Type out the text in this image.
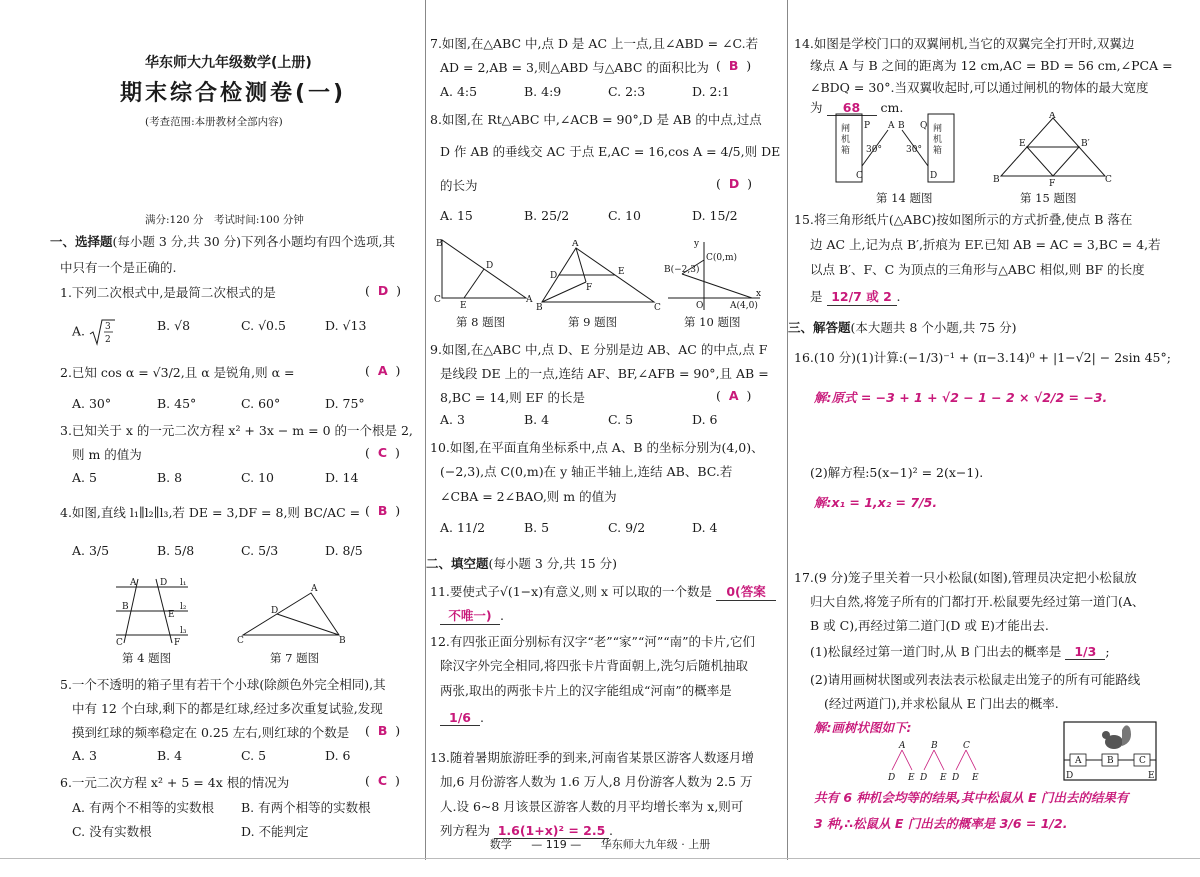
华东师大九年级数学(上册)
期末综合检测卷(一)
(考查范围:本册教材全部内容)
满分:120 分　考试时间:100 分钟
一、选择题(每小题 3 分,共 30 分)下列各小题均有四个选项,其
中只有一个是正确的.
1.下列二次根式中,是最简二次根式的是	(  D  )
A. 3
2
B. √8	C. √0.5	D. √13
2.已知 cos α = √3/2,且 α 是锐角,则 α =	(  A  )
A. 30°	B. 45°	C. 60°	D. 75°
3.已知关于 x 的一元二次方程 x² + 3x − m = 0 的一个根是 2,
则 m 的值为	(  C  )
A. 5	B. 8	C. 10	D. 14
4.如图,直线 l₁∥l₂∥l₃,若 DE = 3,DF = 8,则 BC/AC = (  B  )
A. 3/5	B. 5/8	C. 5/3	D. 8/5
A	D
B
E
C	F
l₁
l₂
l₃
第 4 题图
A
D
C	B
第 7 题图
5.一个不透明的箱子里有若干个小球(除颜色外完全相同),其
中有 12 个白球,剩下的都是红球,经过多次重复试验,发现
摸到红球的频率稳定在 0.25 左右,则红球的个数是 (  B  )
A. 3	B. 4	C. 5	D. 6
6.一元二次方程 x² + 5 = 4x 根的情况为	(  C  )
A. 有两个不相等的实数根 B. 有两个相等的实数根
C. 没有实数根	D. 不能判定
7.如图,在△ABC 中,点 D 是 AC 上一点,且∠ABD = ∠C.若
AD = 2,AB = 3,则△ABD 与△ABC 的面积比为 (  B  )
A. 4:5	B. 4:9	C. 2:3	D. 2:1
8.如图,在 Rt△ABC 中,∠ACB = 90°,D 是 AB 的中点,过点
D 作 AB 的垂线交 AC 于点 E,AC = 16,cos A = 4/5,则 DE
的长为	(  D  )
A. 15	B. 25/2	C. 10	D. 15/2
B
D
C
E
A
第 8 题图
A
D	E
F
B	C
第 9 题图
y
x
C(0,m)
B(−2,3)
O	A(4,0)
第 10 题图
9.如图,在△ABC 中,点 D、E 分别是边 AB、AC 的中点,点 F
是线段 DE 上的一点,连结 AF、BF,∠AFB = 90°,且 AB =
8,BC = 14,则 EF 的长是	(  A  )
A. 3	B. 4	C. 5	D. 6
10.如图,在平面直角坐标系中,点 A、B 的坐标分别为(4,0)、
(−2,3),点 C(0,m)在 y 轴正半轴上,连结 AB、BC.若
∠CBA = 2∠BAO,则 m 的值为
A. 11/2	B. 5	C. 9/2	D. 4
二、填空题(每小题 3 分,共 15 分)
11.要使式子√(1−x)有意义,则 x 可以取的一个数是 0(答案
不唯一) .
12.有四张正面分别标有汉字“老”“家”“河”“南”的卡片,它们
除汉字外完全相同,将四张卡片背面朝上,洗匀后随机抽取
两张,取出的两张卡片上的汉字能组成“河南”的概率是
1/6 .
13.随着暑期旅游旺季的到来,河南省某景区游客人数逐月增
加,6 月份游客人数为 1.6 万人,8 月份游客人数为 2.5 万
人.设 6~8 月该景区游客人数的月平均增长率为 x,则可
列方程为 1.6(1+x)² = 2.5 .
14.如图是学校门口的双翼闸机,当它的双翼完全打开时,双翼边
缘点 A 与 B 之间的距离为 12 cm,AC = BD = 56 cm,∠PCA =
∠BDQ = 30°.当双翼收起时,可以通过闸机的物体的最大宽度
为 68 cm.
P A B Q
30°	30°
C	D
闸机箱
闸机箱
第 14 题图
A
E	B′
B	F	C
第 15 题图
15.将三角形纸片(△ABC)按如图所示的方式折叠,使点 B 落在
边 AC 上,记为点 B′,折痕为 EF.已知 AB = AC = 3,BC = 4,若
以点 B′、F、C 为顶点的三角形与△ABC 相似,则 BF 的长度
是 12/7 或 2 .
三、解答题(本大题共 8 个小题,共 75 分)
16.(10 分)(1)计算:(−1/3)⁻¹ + (π−3.14)⁰ + |1−√2| − 2sin 45°;
解:原式 = −3 + 1 + √2 − 1 − 2 × √2/2 = −3.
(2)解方程:5(x−1)² = 2(x−1).
解:x₁ = 1,x₂ = 7/5.
17.(9 分)笼子里关着一只小松鼠(如图),管理员决定把小松鼠放
归大自然,将笼子所有的门都打开.松鼠要先经过第一道门(A、
B 或 C),再经过第二道门(D 或 E)才能出去.
(1)松鼠经过第一道门时,从 B 门出去的概率是 1/3 ;
(2)请用画树状图或列表法表示松鼠走出笼子的所有可能路线
(经过两道门),并求松鼠从 E 门出去的概率.
解:画树状图如下:
A	B	C
D E D E D E
A	B	C
D	E
共有 6 种机会均等的结果,其中松鼠从 E 门出去的结果有
3 种,∴松鼠从 E 门出去的概率是 3/6 = 1/2.
数学 — 119 — 华东师大九年级 · 上册
